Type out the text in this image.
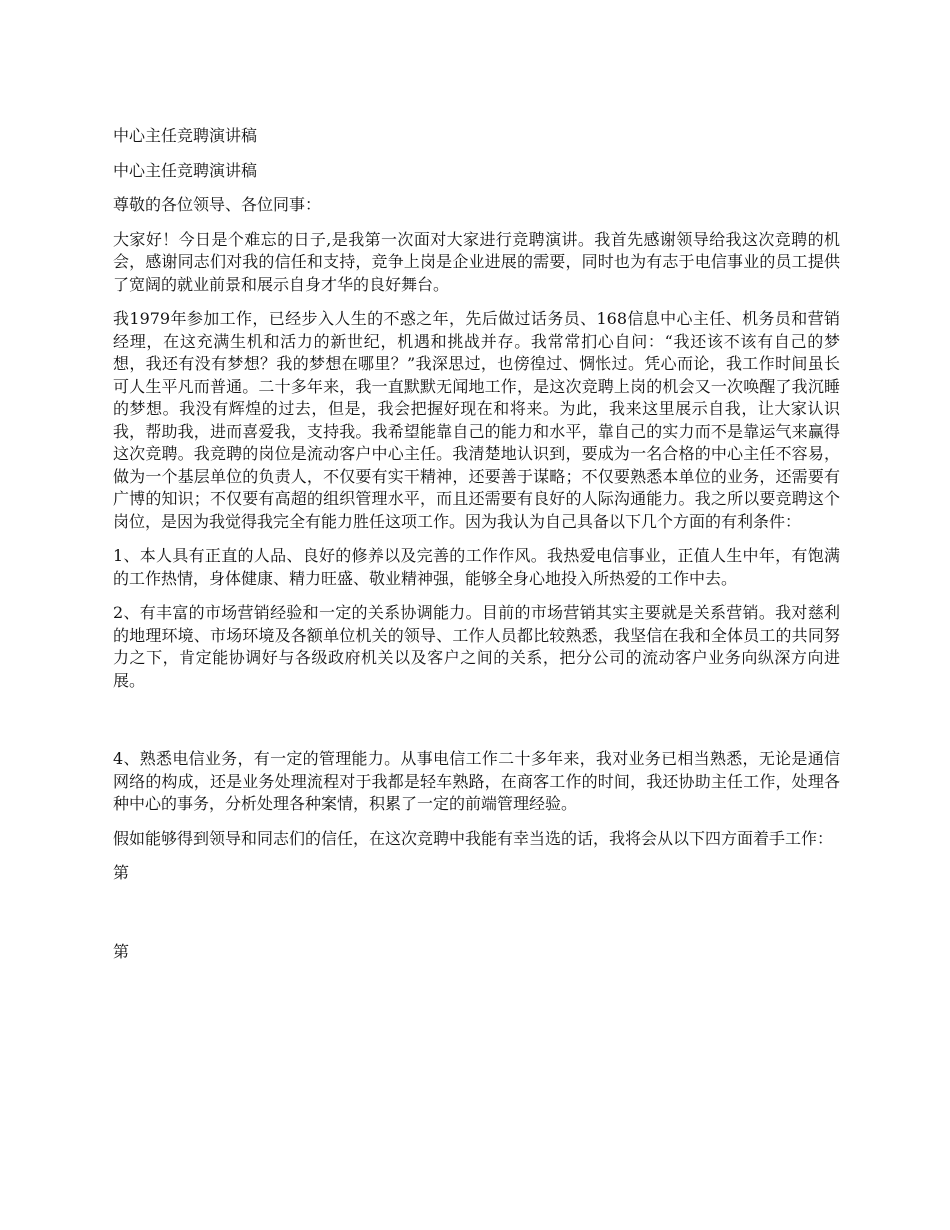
中心主任竞聘演讲稿

中心主任竞聘演讲稿

尊敬的各位领导、各位同事：

大家好！今日是个难忘的日子,是我第一次面对大家进行竞聘演讲。我首先感谢领导给我这次竞聘的机会，感谢同志们对我的信任和支持，竞争上岗是企业进展的需要，同时也为有志于电信事业的员工提供了宽阔的就业前景和展示自身才华的良好舞台。

我1979年参加工作，已经步入人生的不惑之年，先后做过话务员、168信息中心主任、机务员和营销经理，在这充满生机和活力的新世纪，机遇和挑战并存。我常常扪心自问：“我还该不该有自己的梦想，我还有没有梦想？我的梦想在哪里？”我深思过，也傍徨过、惆怅过。凭心而论，我工作时间虽长可人生平凡而普通。二十多年来，我一直默默无闻地工作，是这次竞聘上岗的机会又一次唤醒了我沉睡的梦想。我没有辉煌的过去，但是，我会把握好现在和将来。为此，我来这里展示自我，让大家认识我，帮助我，进而喜爱我，支持我。我希望能靠自己的能力和水平，靠自己的实力而不是靠运气来赢得这次竞聘。我竞聘的岗位是流动客户中心主任。我清楚地认识到，要成为一名合格的中心主任不容易，做为一个基层单位的负责人，不仅要有实干精神，还要善于谋略；不仅要熟悉本单位的业务，还需要有广博的知识；不仅要有高超的组织管理水平，而且还需要有良好的人际沟通能力。我之所以要竞聘这个岗位，是因为我觉得我完全有能力胜任这项工作。因为我认为自己具备以下几个方面的有利条件：

1、本人具有正直的人品、良好的修养以及完善的工作作风。我热爱电信事业，正值人生中年，有饱满的工作热情，身体健康、精力旺盛、敬业精神强，能够全身心地投入所热爱的工作中去。

2、有丰富的市场营销经验和一定的关系协调能力。目前的市场营销其实主要就是关系营销。我对慈利的地理环境、市场环境及各额单位机关的领导、工作人员都比较熟悉，我坚信在我和全体员工的共同努力之下，肯定能协调好与各级政府机关以及客户之间的关系，把分公司的流动客户业务向纵深方向进展。

4、熟悉电信业务，有一定的管理能力。从事电信工作二十多年来，我对业务已相当熟悉，无论是通信网络的构成，还是业务处理流程对于我都是轻车熟路，在商客工作的时间，我还协助主任工作，处理各种中心的事务，分析处理各种案情，积累了一定的前端管理经验。

假如能够得到领导和同志们的信任，在这次竞聘中我能有幸当选的话，我将会从以下四方面着手工作：

第

第
